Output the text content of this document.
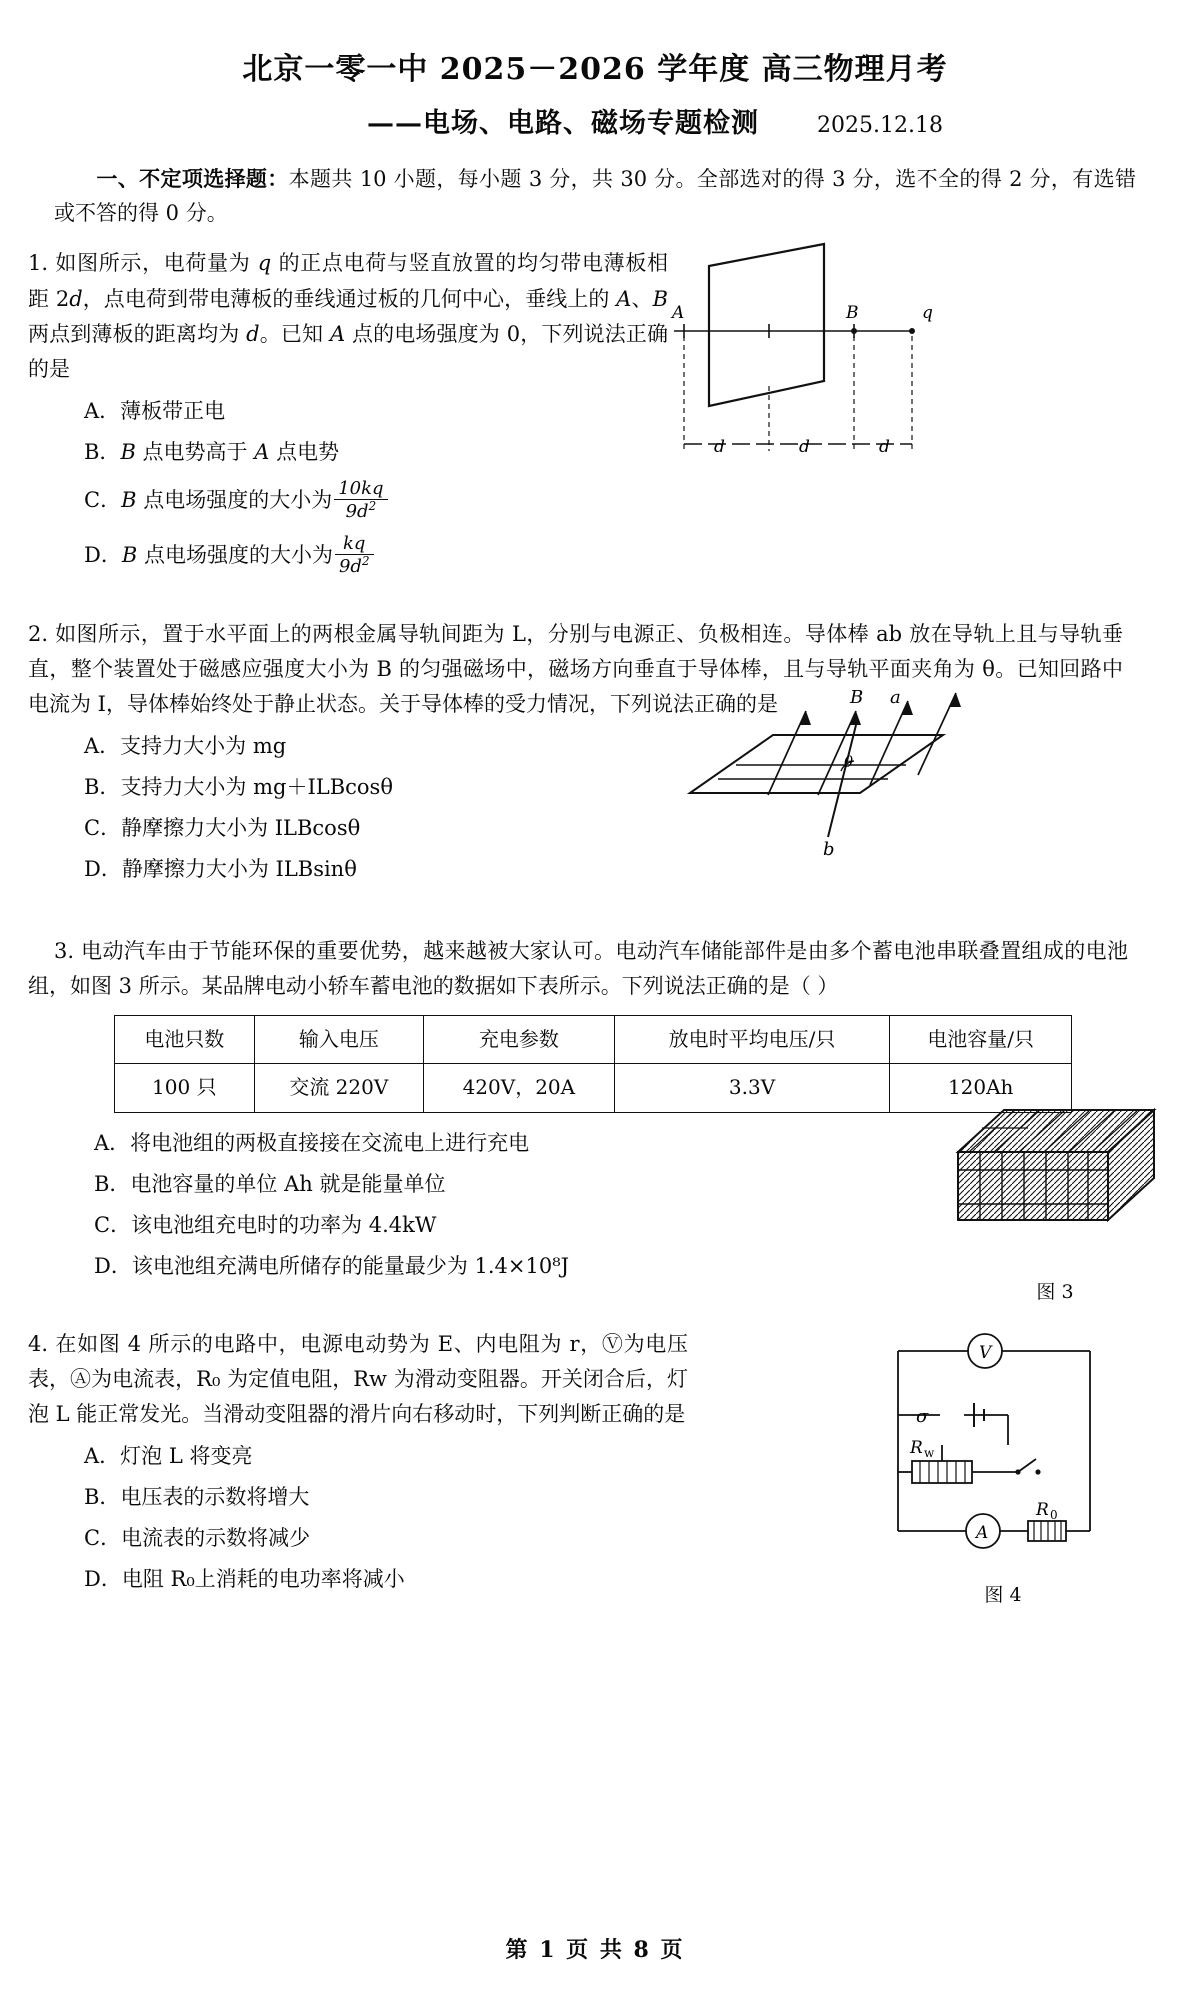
北京一零一中 2025－2026 学年度 高三物理月考
——电场、电路、磁场专题检测	2025.12.18
一、不定项选择题：本题共 10 小题，每小题 3 分，共 30 分。全部选对的得 3 分，选不全的得 2 分，有选错或不答的得 0 分。
1. 如图所示，电荷量为 q 的正点电荷与竖直放置的均匀带电薄板相距 2d，点电荷到带电薄板的垂线通过板的几何中心，垂线上的 A、B 两点到薄板的距离均为 d。已知 A 点的电场强度为 0，下列说法正确的是
A．薄板带正电
B．B 点电势高于 A 点电势
C．B 点电场强度的大小为 $\frac{10kq}{9d^2}$
D．B 点电场强度的大小为 $\frac{kq}{9d^2}$
A	B	q
d	d	d
2. 如图所示，置于水平面上的两根金属导轨间距为 L，分别与电源正、负极相连。导体棒 ab 放在导轨上且与导轨垂直，整个装置处于磁感应强度大小为 B 的匀强磁场中，磁场方向垂直于导体棒，且与导轨平面夹角为 θ。已知回路中电流为 I，导体棒始终处于静止状态。关于导体棒的受力情况，下列说法正确的是
A．支持力大小为 mg
B．支持力大小为 mg＋ILBcosθ
C．静摩擦力大小为 ILBcosθ
D．静摩擦力大小为 ILBsinθ
B a
b
θ
3. 电动汽车由于节能环保的重要优势，越来越被大家认可。电动汽车储能部件是由多个蓄电池串联叠置组成的电池组，如图 3 所示。某品牌电动小轿车蓄电池的数据如下表所示。下列说法正确的是（ ）
电池只数	输入电压	充电参数	放电时平均电压/只	电池容量/只
100 只	交流 220V	420V，20A	3.3V	120Ah
A．将电池组的两极直接接在交流电上进行充电
B．电池容量的单位 Ah 就是能量单位
C．该电池组充电时的功率为 4.4kW
D．该电池组充满电所储存的能量最少为 1.4×10⁸J
图 3
4. 在如图 4 所示的电路中，电源电动势为 E、内电阻为 r，Ⓥ为电压表，Ⓐ为电流表，R₀ 为定值电阻，Rw 为滑动变阻器。开关闭合后，灯泡 L 能正常发光。当滑动变阻器的滑片向右移动时，下列判断正确的是
A．灯泡 L 将变亮
B．电压表的示数将增大
C．电流表的示数将减少
D．电阻 R₀上消耗的电功率将减小
V
A
R 0
σ
R w
图 4
第 1 页 共 8 页
